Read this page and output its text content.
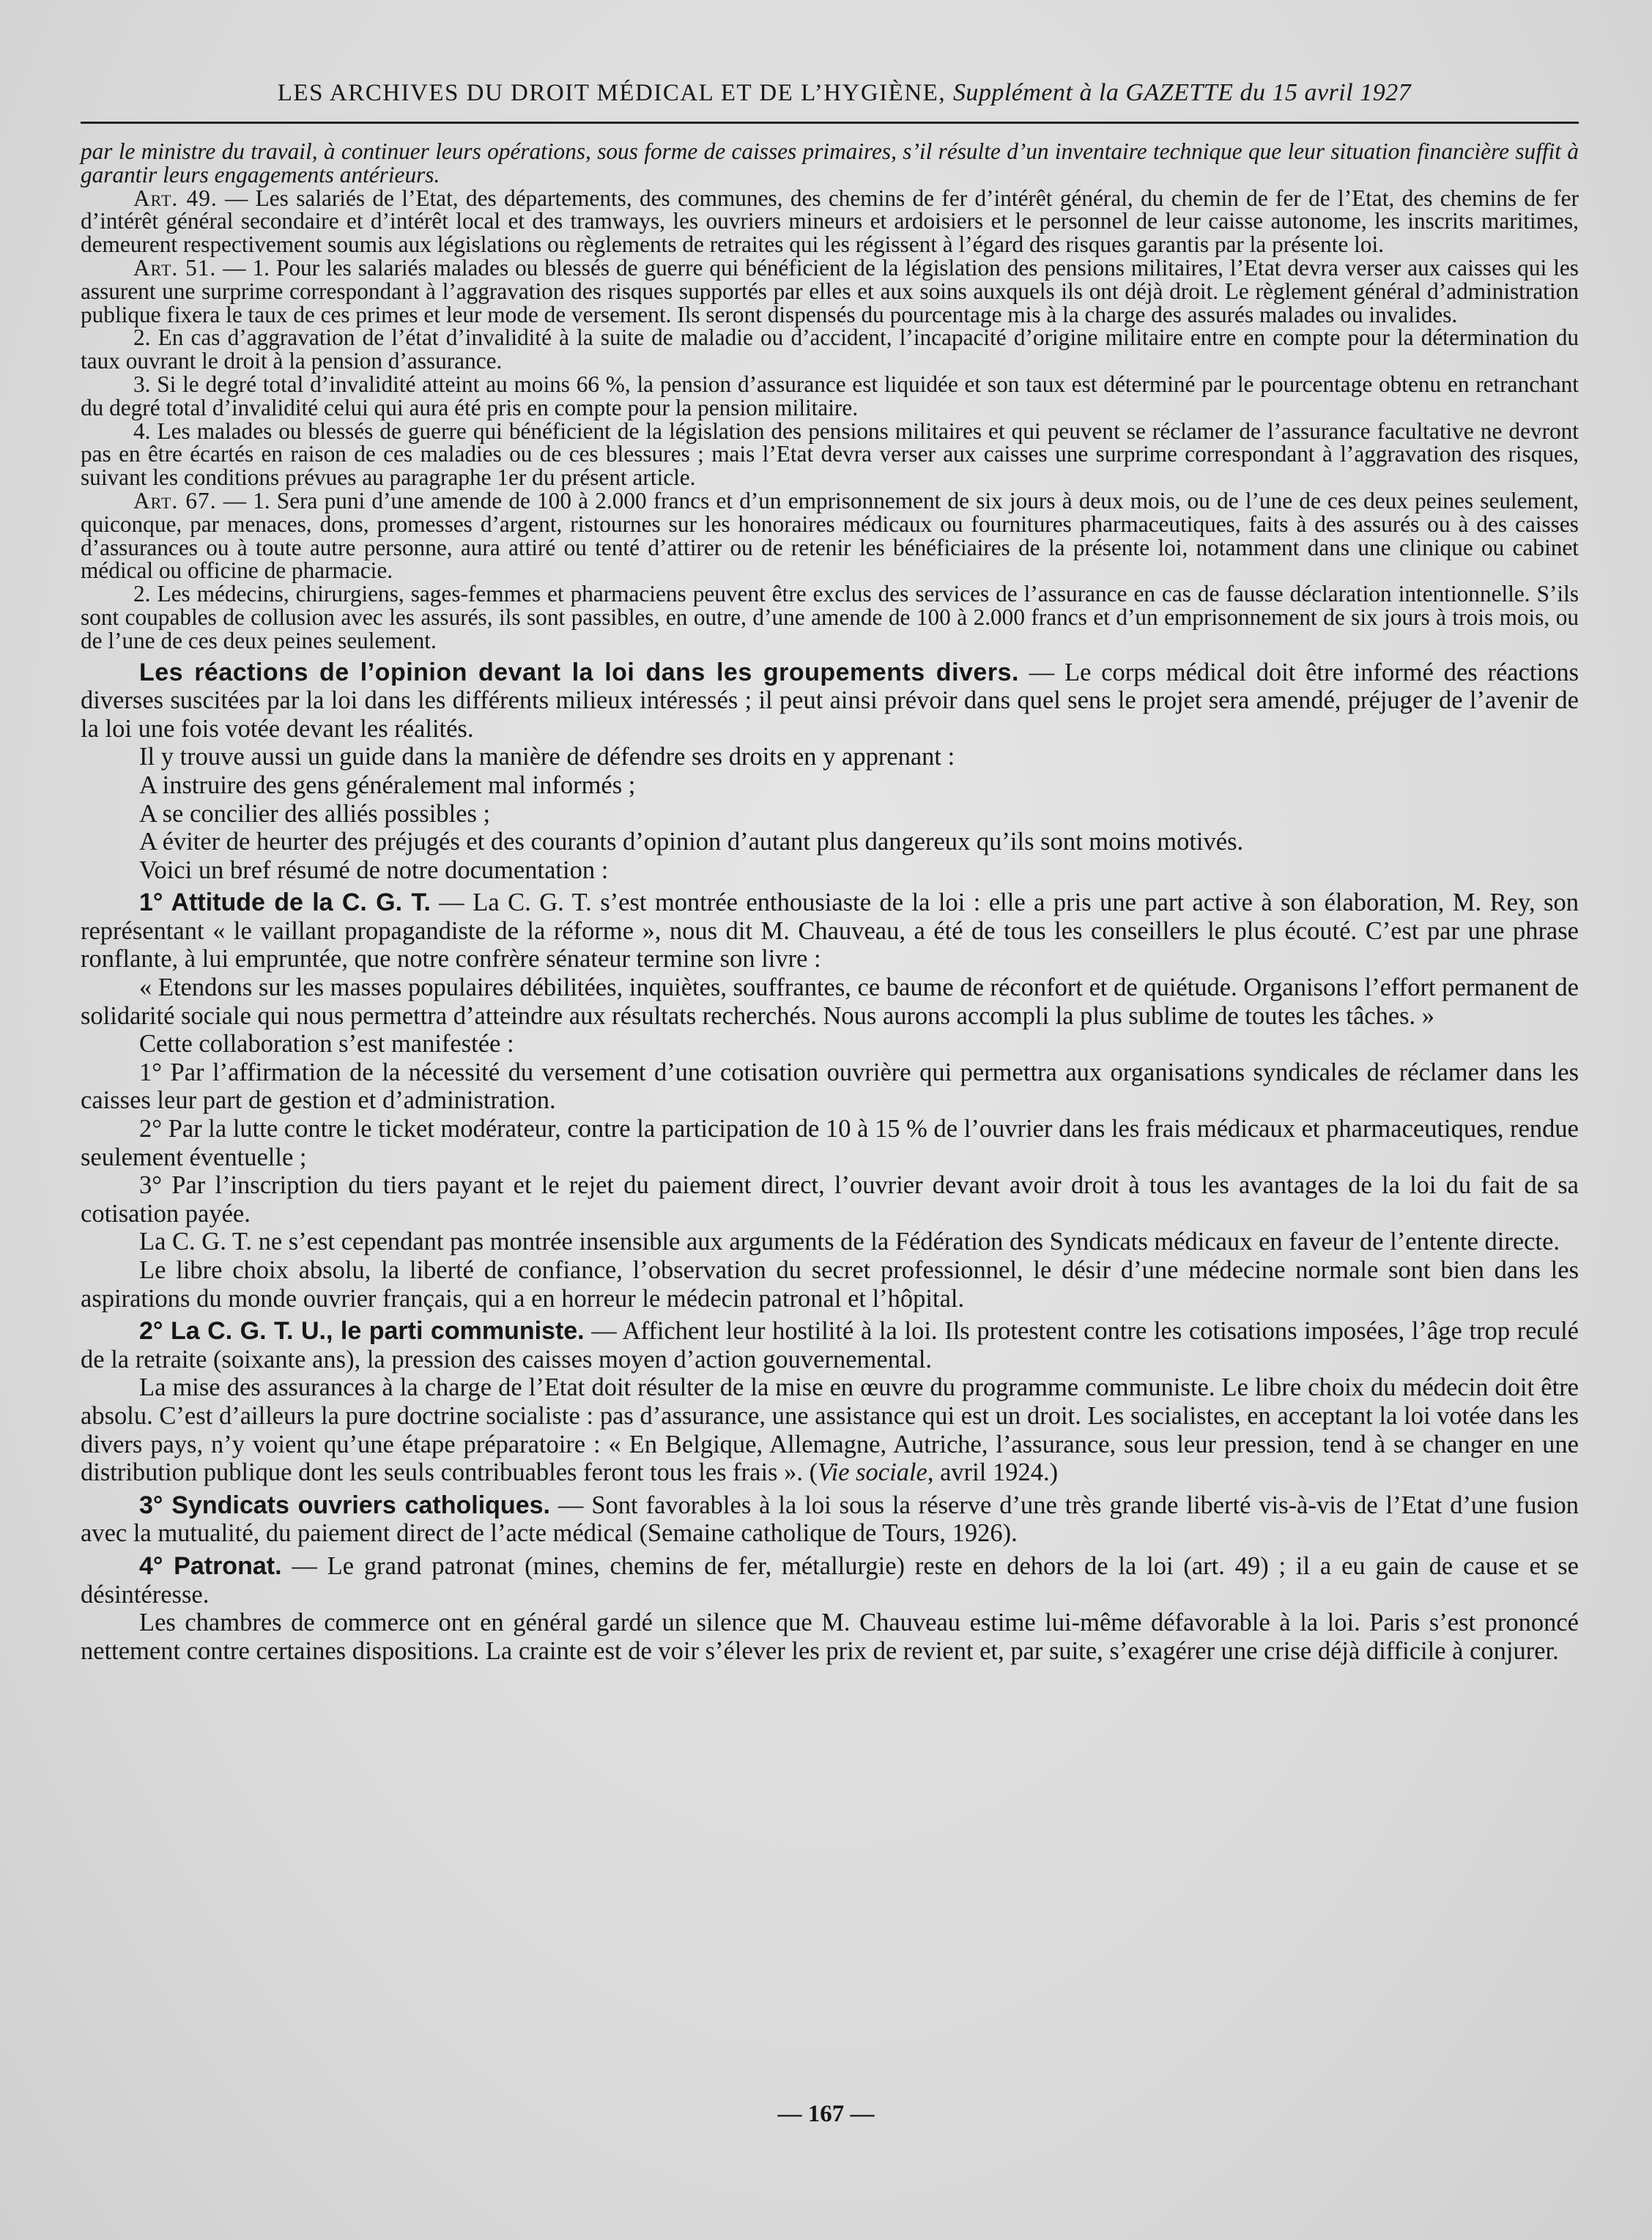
LES ARCHIVES DU DROIT MÉDICAL ET DE L’HYGIÈNE, Supplément à la GAZETTE du 15 avril 1927

par le ministre du travail, à continuer leurs opérations, sous forme de caisses primaires, s’il résulte d’un inventaire technique que leur situation financière suffit à garantir leurs engagements antérieurs.

Art. 49. — Les salariés de l’Etat, des départements, des communes, des chemins de fer d’intérêt général, du chemin de fer de l’Etat, des chemins de fer d’intérêt général secondaire et d’intérêt local et des tramways, les ouvriers mineurs et ardoisiers et le personnel de leur caisse autonome, les inscrits maritimes, demeurent respectivement soumis aux législations ou règlements de retraites qui les régissent à l’égard des risques garantis par la présente loi.

Art. 51. — 1. Pour les salariés malades ou blessés de guerre qui bénéficient de la législation des pensions militaires, l’Etat devra verser aux caisses qui les assurent une surprime correspondant à l’aggravation des risques supportés par elles et aux soins auxquels ils ont déjà droit. Le règlement général d’administration publique fixera le taux de ces primes et leur mode de versement. Ils seront dispensés du pourcentage mis à la charge des assurés malades ou invalides.

2. En cas d’aggravation de l’état d’invalidité à la suite de maladie ou d’accident, l’incapacité d’origine militaire entre en compte pour la détermination du taux ouvrant le droit à la pension d’assurance.

3. Si le degré total d’invalidité atteint au moins 66 %, la pension d’assurance est liquidée et son taux est déterminé par le pourcentage obtenu en retranchant du degré total d’invalidité celui qui aura été pris en compte pour la pension militaire.

4. Les malades ou blessés de guerre qui bénéficient de la législation des pensions militaires et qui peuvent se réclamer de l’assurance facultative ne devront pas en être écartés en raison de ces maladies ou de ces blessures ; mais l’Etat devra verser aux caisses une surprime correspondant à l’aggravation des risques, suivant les conditions prévues au paragraphe 1er du présent article.

Art. 67. — 1. Sera puni d’une amende de 100 à 2.000 francs et d’un emprisonnement de six jours à deux mois, ou de l’une de ces deux peines seulement, quiconque, par menaces, dons, promesses d’argent, ristournes sur les honoraires médicaux ou fournitures pharmaceutiques, faits à des assurés ou à des caisses d’assurances ou à toute autre personne, aura attiré ou tenté d’attirer ou de retenir les bénéficiaires de la présente loi, notamment dans une clinique ou cabinet médical ou officine de pharmacie.

2. Les médecins, chirurgiens, sages-femmes et pharmaciens peuvent être exclus des services de l’assurance en cas de fausse déclaration intentionnelle. S’ils sont coupables de collusion avec les assurés, ils sont passibles, en outre, d’une amende de 100 à 2.000 francs et d’un emprisonnement de six jours à trois mois, ou de l’une de ces deux peines seulement.

Les réactions de l’opinion devant la loi dans les groupements divers. — Le corps médical doit être informé des réactions diverses suscitées par la loi dans les différents milieux intéressés ; il peut ainsi prévoir dans quel sens le projet sera amendé, préjuger de l’avenir de la loi une fois votée devant les réalités.

Il y trouve aussi un guide dans la manière de défendre ses droits en y apprenant :

A instruire des gens généralement mal informés ;

A se concilier des alliés possibles ;

A éviter de heurter des préjugés et des courants d’opinion d’autant plus dangereux qu’ils sont moins motivés.

Voici un bref résumé de notre documentation :

1° Attitude de la C. G. T. — La C. G. T. s’est montrée enthousiaste de la loi : elle a pris une part active à son élaboration, M. Rey, son représentant « le vaillant propagandiste de la réforme », nous dit M. Chauveau, a été de tous les conseillers le plus écouté. C’est par une phrase ronflante, à lui empruntée, que notre confrère sénateur termine son livre :

« Etendons sur les masses populaires débilitées, inquiètes, souffrantes, ce baume de réconfort et de quiétude. Organisons l’effort permanent de solidarité sociale qui nous permettra d’atteindre aux résultats recherchés. Nous aurons accompli la plus sublime de toutes les tâches. »

Cette collaboration s’est manifestée :

1° Par l’affirmation de la nécessité du versement d’une cotisation ouvrière qui permettra aux organisations syndicales de réclamer dans les caisses leur part de gestion et d’administration.

2° Par la lutte contre le ticket modérateur, contre la participation de 10 à 15 % de l’ouvrier dans les frais médicaux et pharmaceutiques, rendue seulement éventuelle ;

3° Par l’inscription du tiers payant et le rejet du paiement direct, l’ouvrier devant avoir droit à tous les avantages de la loi du fait de sa cotisation payée.

La C. G. T. ne s’est cependant pas montrée insensible aux arguments de la Fédération des Syndicats médicaux en faveur de l’entente directe.

Le libre choix absolu, la liberté de confiance, l’observation du secret professionnel, le désir d’une médecine normale sont bien dans les aspirations du monde ouvrier français, qui a en horreur le médecin patronal et l’hôpital.

2° La C. G. T. U., le parti communiste. — Affichent leur hostilité à la loi. Ils protestent contre les cotisations imposées, l’âge trop reculé de la retraite (soixante ans), la pression des caisses moyen d’action gouvernemental.

La mise des assurances à la charge de l’Etat doit résulter de la mise en œuvre du programme communiste. Le libre choix du médecin doit être absolu. C’est d’ailleurs la pure doctrine socialiste : pas d’assurance, une assistance qui est un droit. Les socialistes, en acceptant la loi votée dans les divers pays, n’y voient qu’une étape préparatoire : « En Belgique, Allemagne, Autriche, l’assurance, sous leur pression, tend à se changer en une distribution publique dont les seuls contribuables feront tous les frais ». (Vie sociale, avril 1924.)

3° Syndicats ouvriers catholiques. — Sont favorables à la loi sous la réserve d’une très grande liberté vis-à-vis de l’Etat d’une fusion avec la mutualité, du paiement direct de l’acte médical (Semaine catholique de Tours, 1926).

4° Patronat. — Le grand patronat (mines, chemins de fer, métallurgie) reste en dehors de la loi (art. 49) ; il a eu gain de cause et se désintéresse.

Les chambres de commerce ont en général gardé un silence que M. Chauveau estime lui-même défavorable à la loi. Paris s’est prononcé nettement contre certaines dispositions. La crainte est de voir s’élever les prix de revient et, par suite, s’exagérer une crise déjà difficile à conjurer.

— 167 —
